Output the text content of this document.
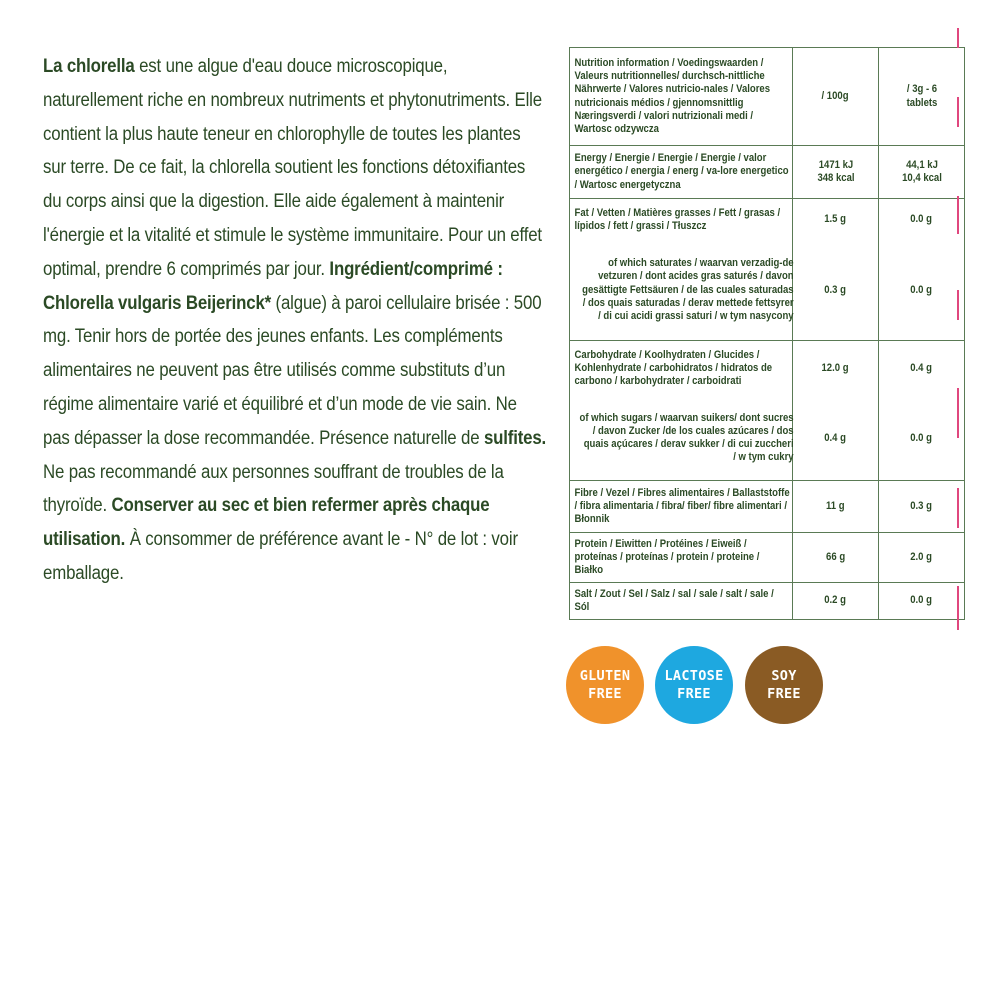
La chlorella est une algue d'eau douce microscopique, naturellement riche en nombreux nutriments et phytonutriments. Elle contient la plus haute teneur en chlorophylle de toutes les plantes sur terre. De ce fait, la chlorella soutient les fonctions détoxifiantes du corps ainsi que la digestion. Elle aide également à maintenir l'énergie et la vitalité et stimule le système immunitaire. Pour un effet optimal, prendre 6 comprimés par jour. Ingrédient/comprimé : Chlorella vulgaris Beijerinck* (algue) à paroi cellulaire brisée : 500 mg. Tenir hors de portée des jeunes enfants. Les compléments alimentaires ne peuvent pas être utilisés comme substituts d’un régime alimentaire varié et équilibré et d’un mode de vie sain. Ne pas dépasser la dose recommandée. Présence naturelle de sulfites. Ne pas recommandé aux personnes souffrant de troubles de la thyroïde. Conserver au sec et bien refermer après chaque utilisation. À consommer de préférence avant le - N° de lot : voir emballage.

Nutrition information / Voedingswaarden / Valeurs nutritionnelles/ durchsch-nittliche Nährwerte / Valores nutricio-nales / Valores nutricionais médios / gjennomsnittlig Næringsverdi / valori nutrizionali medi / Wartosc odzywcza	/ 100g	/ 3g - 6 tablets

Energy / Energie / Energie / Energie / valor energético / energia / energ / va-lore energetico / Wartosc energetyczna	1471 kJ 348 kcal	44,1 kJ 10,4 kcal

Fat / Vetten / Matières grasses / Fett / grasas / lípidos / fett / grassi / Tłuszcz	1.5 g	0.0 g

of which saturates / waarvan verzadig-de vetzuren / dont acides gras saturés / davon gesättigte Fettsäuren / de las cuales saturadas / dos quais saturadas / derav mettede fettsyrer / di cui acidi grassi saturi / w tym nasycony	0.3 g	0.0 g

Carbohydrate / Koolhydraten / Glucides / Kohlenhydrate / carbohidratos / hidratos de carbono / karbohydrater / carboidrati	12.0 g	0.4 g

of which sugars / waarvan suikers/ dont sucres / davon Zucker /de los cuales azúcares / dos quais açúcares / derav sukker / di cui zuccheri / w tym cukry	0.4 g	0.0 g

Fibre / Vezel / Fibres alimentaires / Ballaststoffe / fibra alimentaria / fibra/ fiber/ fibre alimentari / Błonnik	11 g	0.3 g

Protein / Eiwitten / Protéines / Eiweiß / proteínas / proteínas / protein / proteine / Białko	66 g	2.0 g

Salt / Zout / Sel / Salz / sal / sale / salt / sale / Sól	0.2 g	0.0 g
GLUTEN
FREE
LACTOSE
FREE
SOY
FREE
